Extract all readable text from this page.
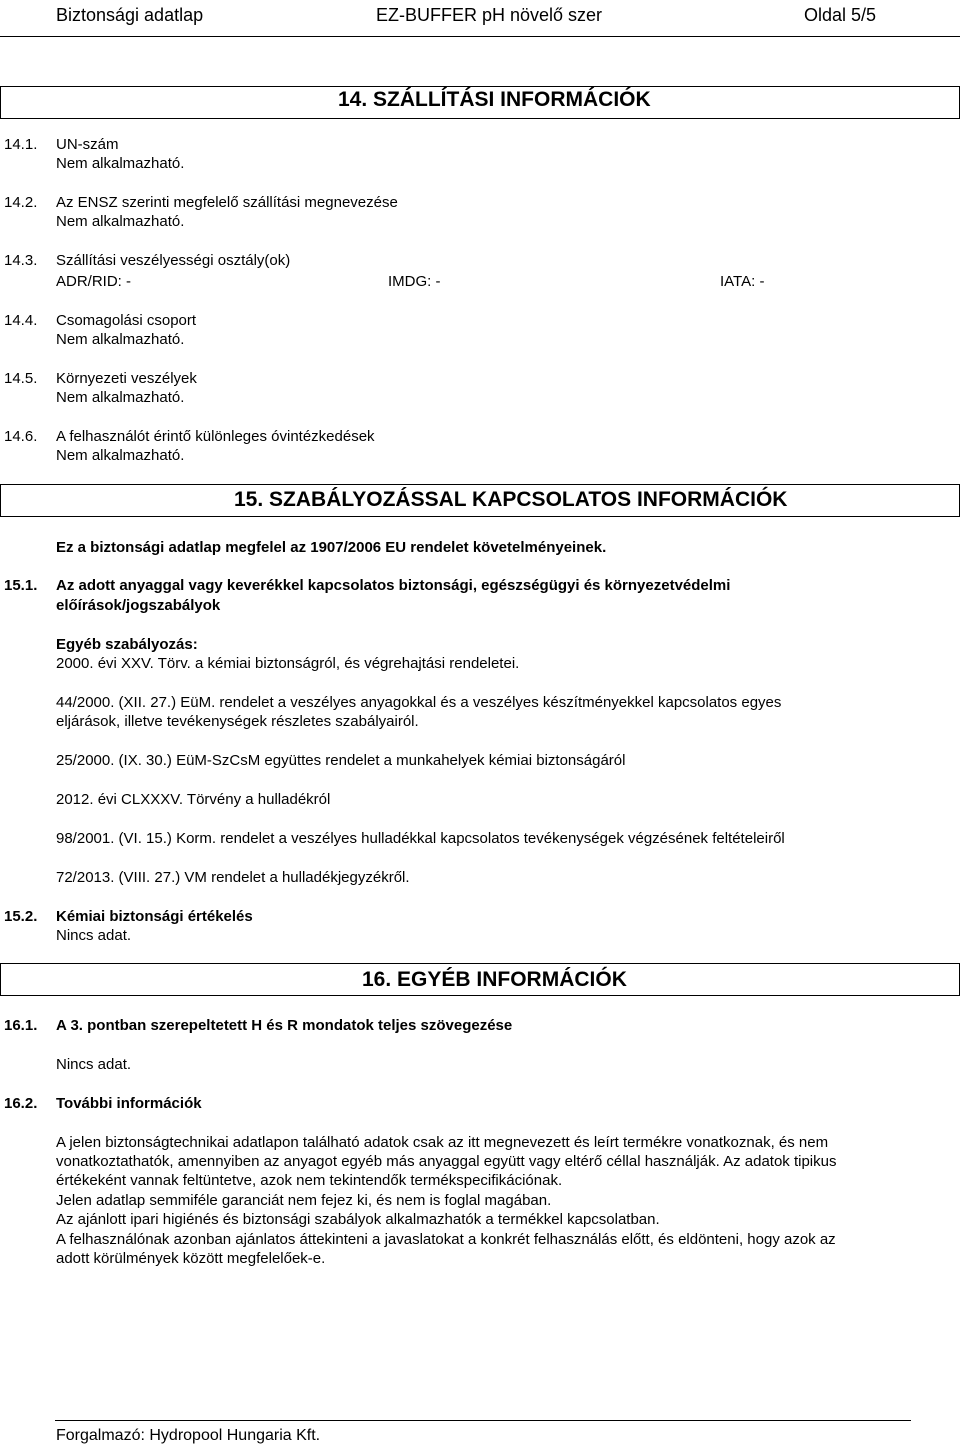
Biztonsági adatlap	EZ-BUFFER pH növelő szer	Oldal 5/5
14. SZÁLLÍTÁSI INFORMÁCIÓK
14.1. UN-szám
Nem alkalmazható.
14.2. Az ENSZ szerinti megfelelő szállítási megnevezése
Nem alkalmazható.
14.3. Szállítási veszélyességi osztály(ok)
ADR/RID: -	IMDG: -	IATA: -
14.4. Csomagolási csoport
Nem alkalmazható.
14.5. Környezeti veszélyek
Nem alkalmazható.
14.6. A felhasználót érintő különleges óvintézkedések
Nem alkalmazható.
15. SZABÁLYOZÁSSAL KAPCSOLATOS INFORMÁCIÓK
Ez a biztonsági adatlap megfelel az 1907/2006 EU rendelet követelményeinek.
15.1. Az adott anyaggal vagy keverékkel kapcsolatos biztonsági, egészségügyi és környezetvédelmi
előírások/jogszabályok
Egyéb szabályozás:
2000. évi XXV. Törv. a kémiai biztonságról, és végrehajtási rendeletei.
44/2000. (XII. 27.) EüM. rendelet a veszélyes anyagokkal és a veszélyes készítményekkel kapcsolatos egyes
eljárások, illetve tevékenységek részletes szabályairól.
25/2000. (IX. 30.) EüM-SzCsM együttes rendelet a munkahelyek kémiai biztonságáról
2012. évi CLXXXV. Törvény a hulladékról
98/2001. (VI. 15.) Korm. rendelet a veszélyes hulladékkal kapcsolatos tevékenységek végzésének feltételeiről
72/2013. (VIII. 27.) VM rendelet a hulladékjegyzékről.
15.2. Kémiai biztonsági értékelés
Nincs adat.
16. EGYÉB INFORMÁCIÓK
16.1. A 3. pontban szerepeltetett H és R mondatok teljes szövegezése
Nincs adat.
16.2. További információk
A jelen biztonságtechnikai adatlapon található adatok csak az itt megnevezett és leírt termékre vonatkoznak, és nem
vonatkoztathatók, amennyiben az anyagot egyéb más anyaggal együtt vagy eltérő céllal használják. Az adatok tipikus
értékeként vannak feltüntetve, azok nem tekintendők termékspecifikációnak.
Jelen adatlap semmiféle garanciát nem fejez ki, és nem is foglal magában.
Az ajánlott ipari higiénés és biztonsági szabályok alkalmazhatók a termékkel kapcsolatban.
A felhasználónak azonban ajánlatos áttekinteni a javaslatokat a konkrét felhasználás előtt, és eldönteni, hogy azok az
adott körülmények között megfelelőek-e.
Forgalmazó: Hydropool Hungaria Kft.
